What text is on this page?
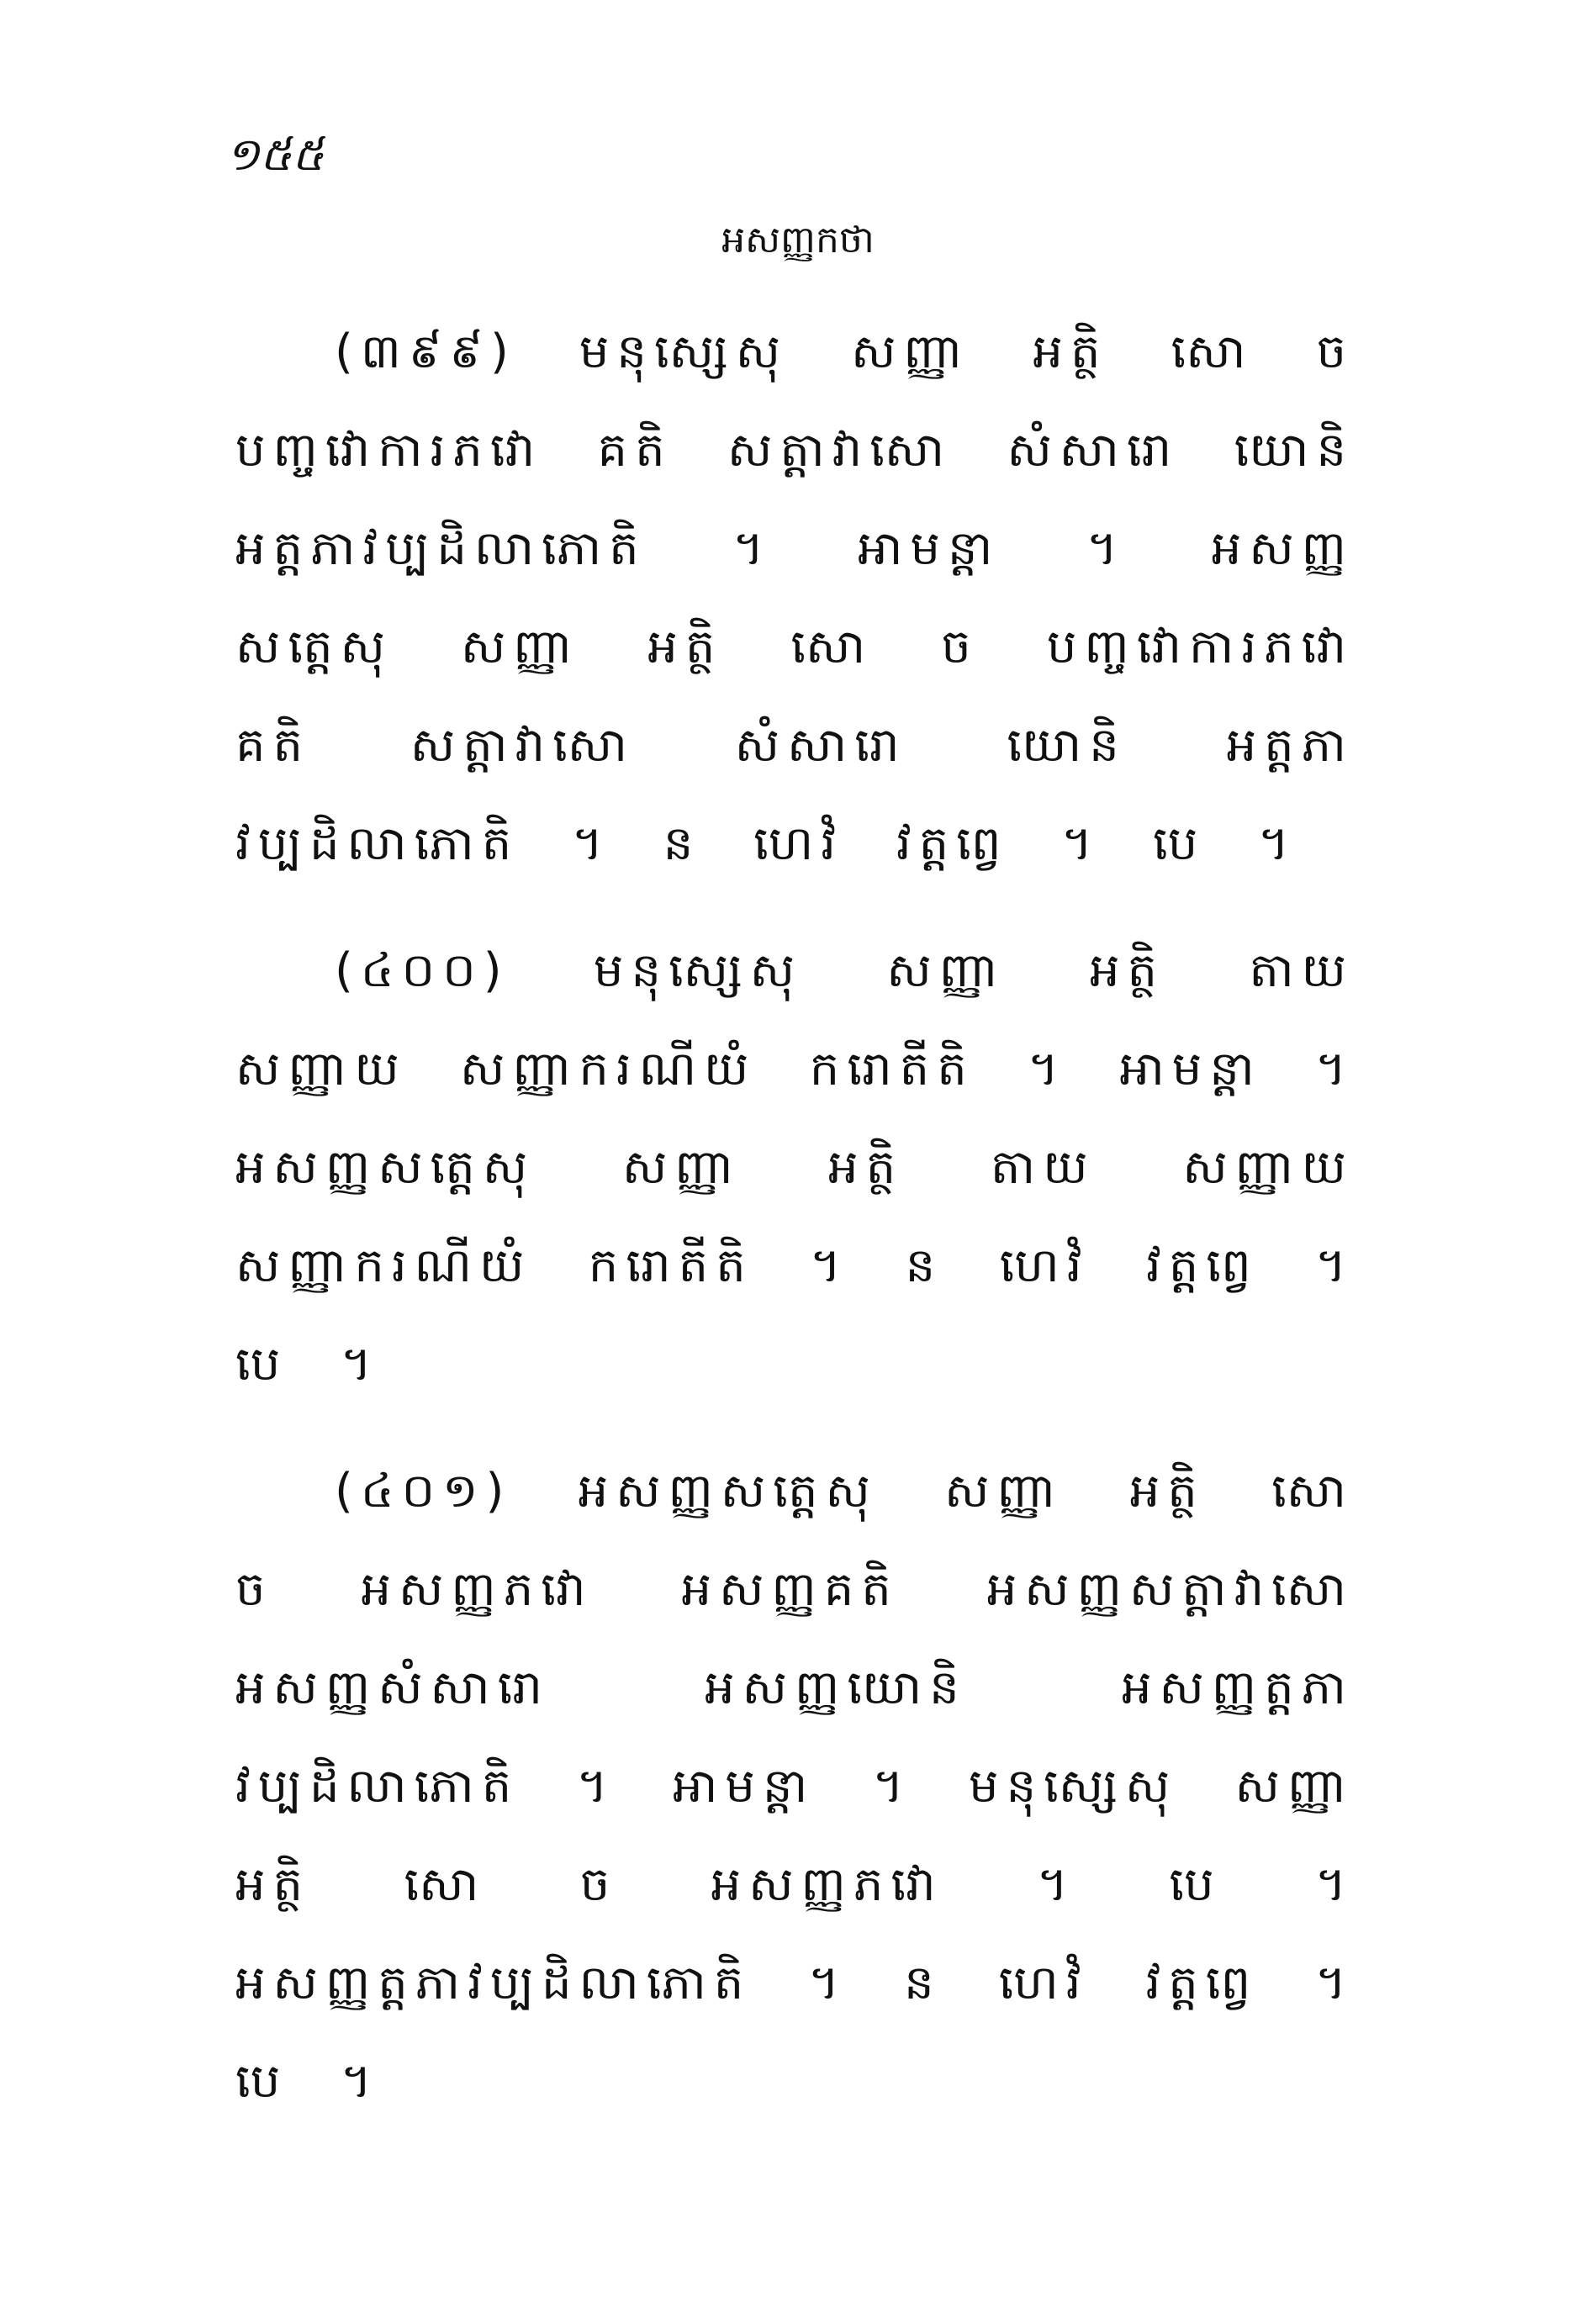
១៥៥
អសញ្ញកថា

(៣៩៩) មនុស្សេសុ សញ្ញា អត្ថិ សោ ច បញ្ចវោការភវោ គតិ សត្តាវាសោ សំសារោ យោនិ អត្តភាវប្បដិលាភោតិ ។ អាមន្តា ។ អសញ្ញសត្តេសុ សញ្ញា អត្ថិ សោ ច បញ្ចវោការភវោ គតិ សត្តាវាសោ សំសារោ យោនិ អត្តភាវប្បដិលាភោតិ ។ ន ហេវំ វត្តព្វេ ។ បេ ។

(៤០០) មនុស្សេសុ សញ្ញា អត្ថិ តាយ សញ្ញាយ សញ្ញាករណីយំ ករោតីតិ ។ អាមន្តា ។ អសញ្ញសត្តេសុ សញ្ញា អត្ថិ តាយ សញ្ញាយ សញ្ញាករណីយំ ករោតីតិ ។ ន ហេវំ វត្តព្វេ ។ បេ ។

(៤០១) អសញ្ញសត្តេសុ សញ្ញា អត្ថិ សោ ច អសញ្ញភវោ អសញ្ញគតិ អសញ្ញសត្តាវាសោ អសញ្ញសំសារោ អសញ្ញយោនិ អសញ្ញត្តភាវប្បដិលាភោតិ ។ អាមន្តា ។ មនុស្សេសុ សញ្ញា អត្ថិ សោ ច អសញ្ញភវោ ។ បេ ។ អសញ្ញត្តភាវប្បដិលាភោតិ ។ ន ហេវំ វត្តព្វេ ។ បេ ។
